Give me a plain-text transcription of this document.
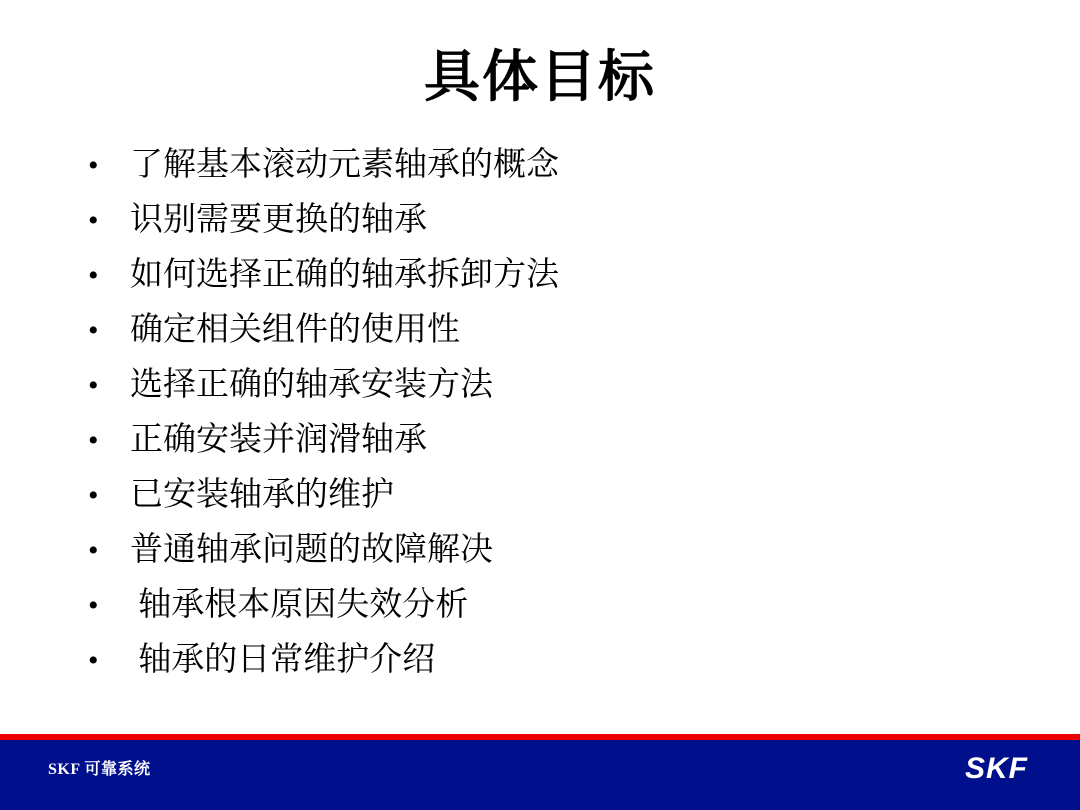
具体目标
• 了解基本滚动元素轴承的概念
• 识别需要更换的轴承
• 如何选择正确的轴承拆卸方法
• 确定相关组件的使用性
• 选择正确的轴承安装方法
• 正确安装并润滑轴承
• 已安装轴承的维护
• 普通轴承问题的故障解决
• 轴承根本原因失效分析
• 轴承的日常维护介绍
SKF 可靠系统	SKF
